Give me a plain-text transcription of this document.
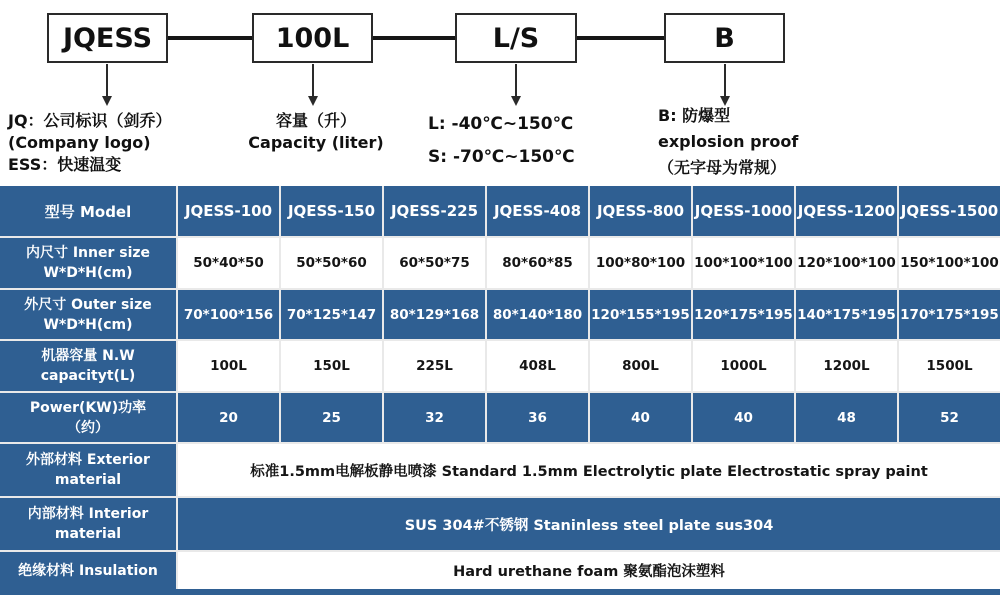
JQESS	100L	L/S	B
JQ：公司标识（剑乔）
(Company logo)
ESS：快速温变
容量（升）
Capacity (liter)
L: -40℃~150℃
S: -70℃~150℃
B: 防爆型
explosion proof
（无字母为常规）
型号 Model	JQESS-100	JQESS-150	JQESS-225	JQESS-408	JQESS-800 JQESS-1000 JQESS-1200 JQESS-1500
内尺寸 Inner size
W*D*H(cm)
50*40*50	50*50*60	60*50*75	80*60*85	100*80*100 100*100*100 120*100*100 150*100*100
外尺寸 Outer size
W*D*H(cm)
70*100*156	70*125*147	80*129*168	80*140*180 120*155*195 120*175*195 140*175*195 170*175*195
机器容量 N.W
capacityt(L)
100L	150L	225L	408L	800L	1000L	1200L	1500L
Power(KW)功率
（约）
20	25	32	36	40	40	48	52
外部材料 Exterior
material
标准1.5mm电解板静电喷漆 Standard 1.5mm Electrolytic plate Electrostatic spray paint
内部材料 Interior
material
SUS 304#不锈钢 Staninless steel plate sus304
绝缘材料 Insulation	Hard urethane foam 聚氨酯泡沫塑料
